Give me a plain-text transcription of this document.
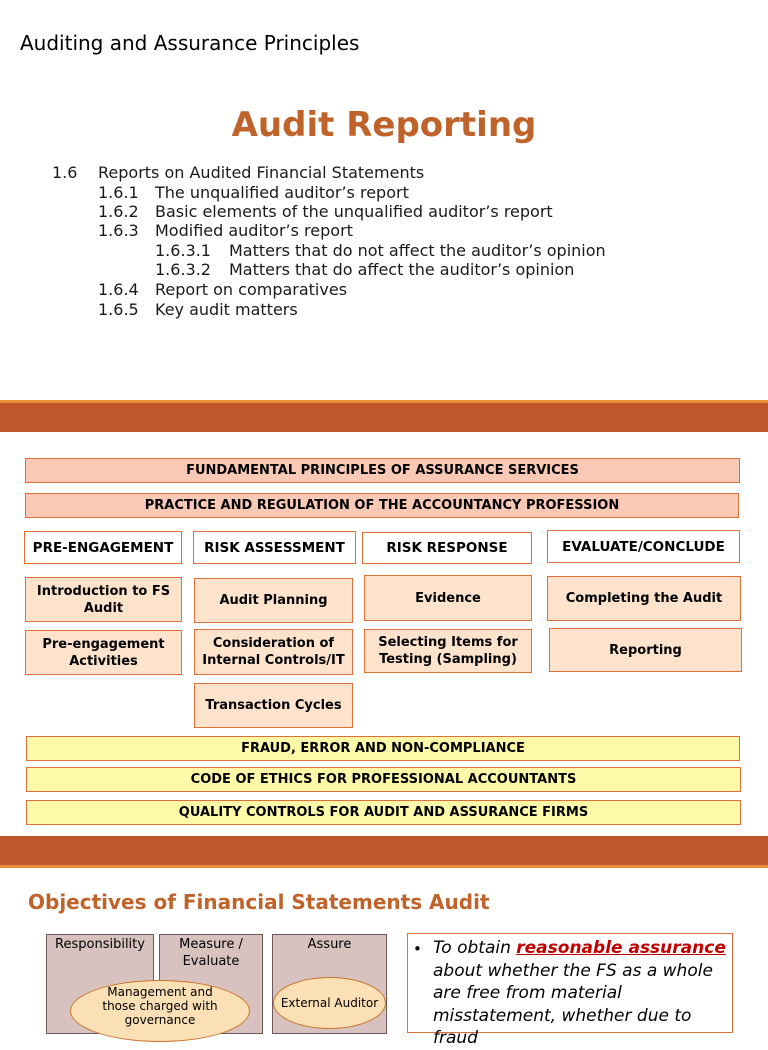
Auditing and Assurance Principles
Audit Reporting
1.6 Reports on Audited Financial Statements
1.6.1 The unqualified auditor’s report
1.6.2 Basic elements of the unqualified auditor’s report
1.6.3 Modified auditor’s report
1.6.3.1 Matters that do not affect the auditor’s opinion
1.6.3.2 Matters that do affect the auditor’s opinion
1.6.4 Report on comparatives
1.6.5 Key audit matters
FUNDAMENTAL PRINCIPLES OF ASSURANCE SERVICES
PRACTICE AND REGULATION OF THE ACCOUNTANCY PROFESSION
PRE-ENGAGEMENT	RISK ASSESSMENT	RISK RESPONSE	EVALUATE/CONCLUDE
Introduction to FS Audit
Pre-engagement Activities
Audit Planning
Consideration of Internal Controls/IT
Transaction Cycles
Evidence
Selecting Items for Testing (Sampling)
Completing the Audit
Reporting
FRAUD, ERROR AND NON-COMPLIANCE
CODE OF ETHICS FOR PROFESSIONAL ACCOUNTANTS
QUALITY CONTROLS FOR AUDIT AND ASSURANCE FIRMS
Objectives of Financial Statements Audit
Responsibility	Measure / Evaluate
Assure
Management and those charged with governance
External Auditor
• To obtain reasonable assurance about whether the FS as a whole are free from material misstatement, whether due to fraud
